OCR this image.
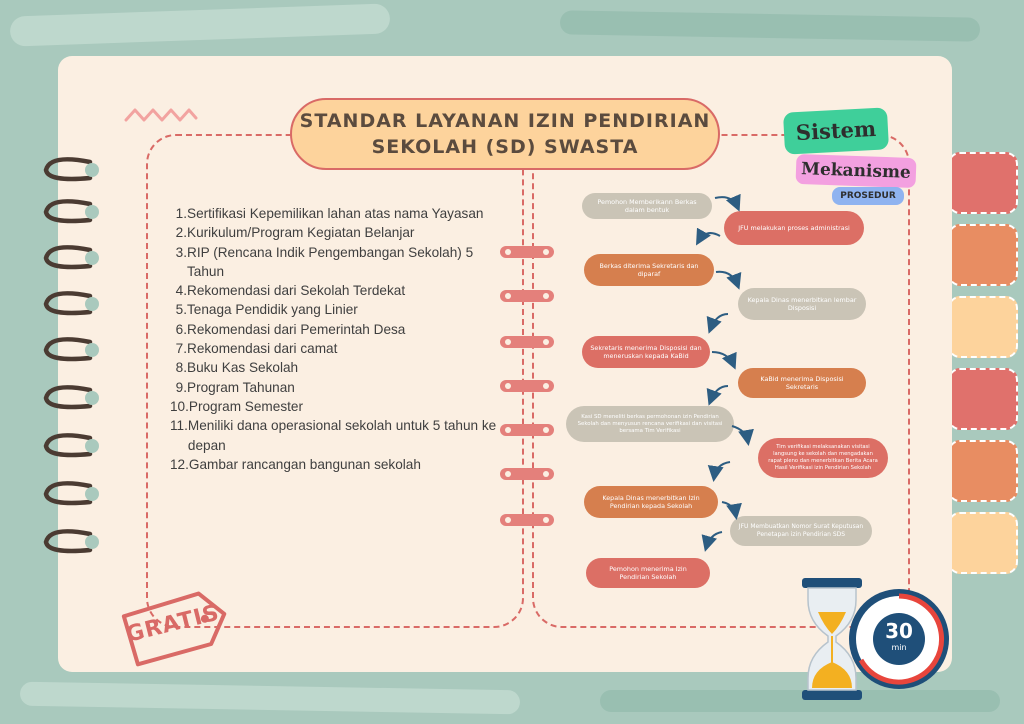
STANDAR LAYANAN IZIN PENDIRIAN
SEKOLAH (SD) SWASTA
1. Sertifikasi Kepemilikan lahan atas nama Yayasan
2. Kurikulum/Program Kegiatan Belanjar
3. RIP (Rencana Indik Pengembangan Sekolah) 5 Tahun
4. Rekomendasi dari Sekolah Terdekat
5. Tenaga Pendidik yang Linier
6. Rekomendasi dari Pemerintah Desa
7. Rekomendasi dari camat
8. Buku Kas Sekolah
9. Program Tahunan
10. Program Semester
11. Meniliki dana operasional sekolah untuk 5 tahun ke depan
12. Gambar rancangan bangunan sekolah
Sistem
Mekanisme
PROSEDUR
Pemohon Memberikann Berkas dalam bentuk
JFU melakukan proses administrasi
Berkas diterima Sekretaris dan diparaf
Kepala Dinas menerbitkan lembar Disposisi
Sekretaris menerima Disposisi dan meneruskan kepada KaBid
KaBid menerima Disposisi Sekretaris
Kasi SD meneliti berkas permohonan izin Pendirian Sekolah dan menyusun rencana verifikasi dan visitasi bersama Tim Verifikasi
Tim verifikasi melaksanakan visitasi langsung ke sekolah dan mengadakan rapat pleno dan menerbitkan Berita Acara Hasil Verifikasi izin Pendirian Sekolah
Kepala Dinas menerbitkan Izin Pendirian kepada Sekolah
JFU Membuatkan Nomor Surat Keputusan Penetapan izin Pendirian SDS
Pemohon menerima Izin Pendirian Sekolah
GRATIS	30
min
